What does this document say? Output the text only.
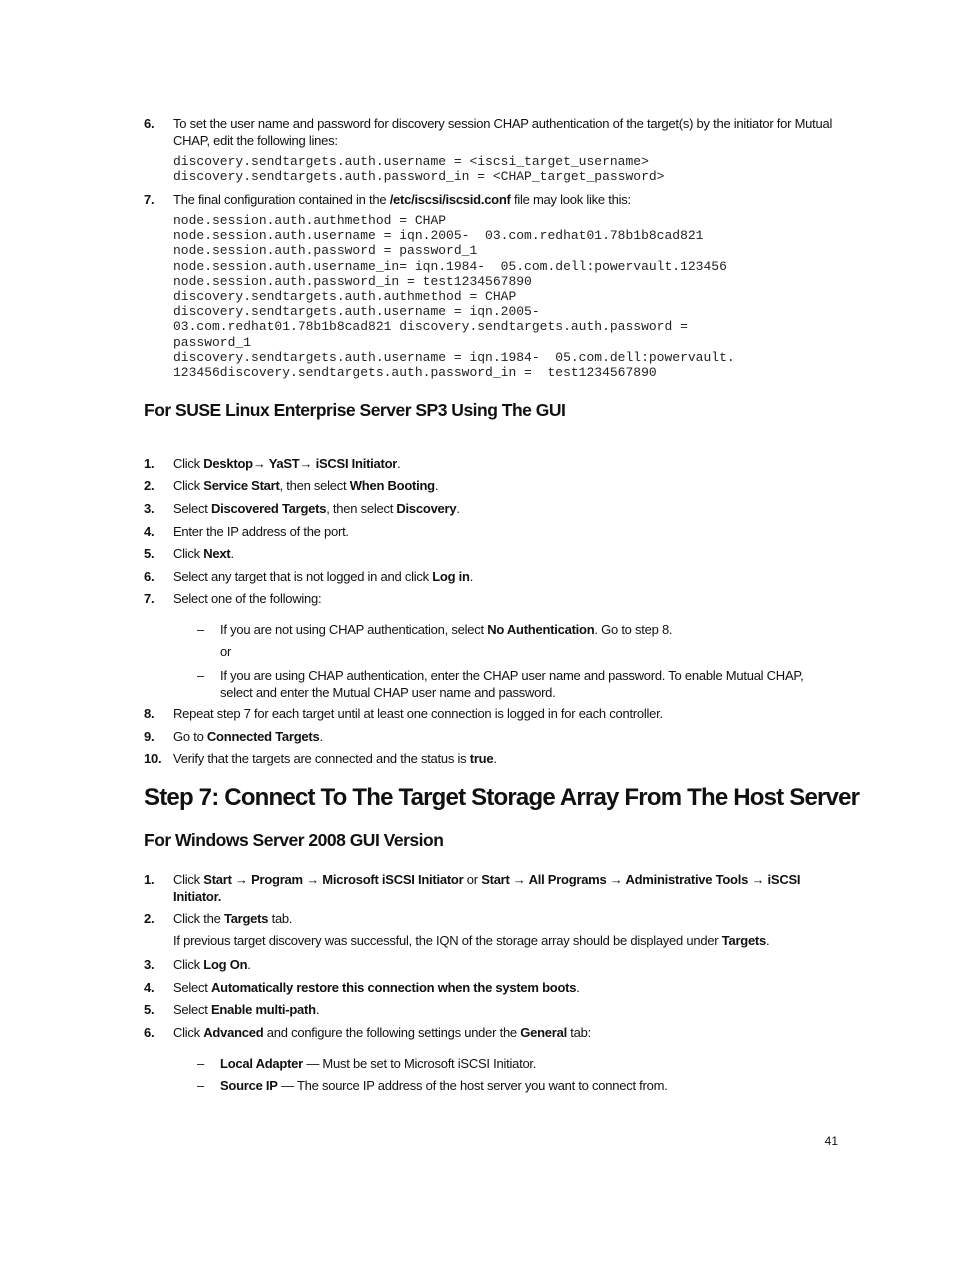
6. To set the user name and password for discovery session CHAP authentication of the target(s) by the initiator for Mutual CHAP, edit the following lines:
discovery.sendtargets.auth.username = <iscsi_target_username>
discovery.sendtargets.auth.password_in = <CHAP_target_password>
7. The final configuration contained in the /etc/iscsi/iscsid.conf file may look like this:
node.session.auth.authmethod = CHAP
node.session.auth.username = iqn.2005-  03.com.redhat01.78b1b8cad821
node.session.auth.password = password_1
node.session.auth.username_in= iqn.1984-  05.com.dell:powervault.123456
node.session.auth.password_in = test1234567890
discovery.sendtargets.auth.authmethod = CHAP
discovery.sendtargets.auth.username = iqn.2005-
03.com.redhat01.78b1b8cad821 discovery.sendtargets.auth.password =
password_1
discovery.sendtargets.auth.username = iqn.1984-  05.com.dell:powervault.
123456discovery.sendtargets.auth.password_in =  test1234567890
For SUSE Linux Enterprise Server SP3 Using The GUI
1. Click Desktop→ YaST→ iSCSI Initiator.
2. Click Service Start, then select When Booting.
3. Select Discovered Targets, then select Discovery.
4. Enter the IP address of the port.
5. Click Next.
6. Select any target that is not logged in and click Log in.
7. Select one of the following:
– If you are not using CHAP authentication, select No Authentication. Go to step 8.
or
– If you are using CHAP authentication, enter the CHAP user name and password. To enable Mutual CHAP, select and enter the Mutual CHAP user name and password.
8. Repeat step 7 for each target until at least one connection is logged in for each controller.
9. Go to Connected Targets.
10. Verify that the targets are connected and the status is true.
Step 7: Connect To The Target Storage Array From The Host Server
For Windows Server 2008 GUI Version
1. Click Start → Program → Microsoft iSCSI Initiator or Start → All Programs → Administrative Tools → iSCSI Initiator.
2. Click the Targets tab.
If previous target discovery was successful, the IQN of the storage array should be displayed under Targets.
3. Click Log On.
4. Select Automatically restore this connection when the system boots.
5. Select Enable multi-path.
6. Click Advanced and configure the following settings under the General tab:
– Local Adapter — Must be set to Microsoft iSCSI Initiator.
– Source IP — The source IP address of the host server you want to connect from.
41
